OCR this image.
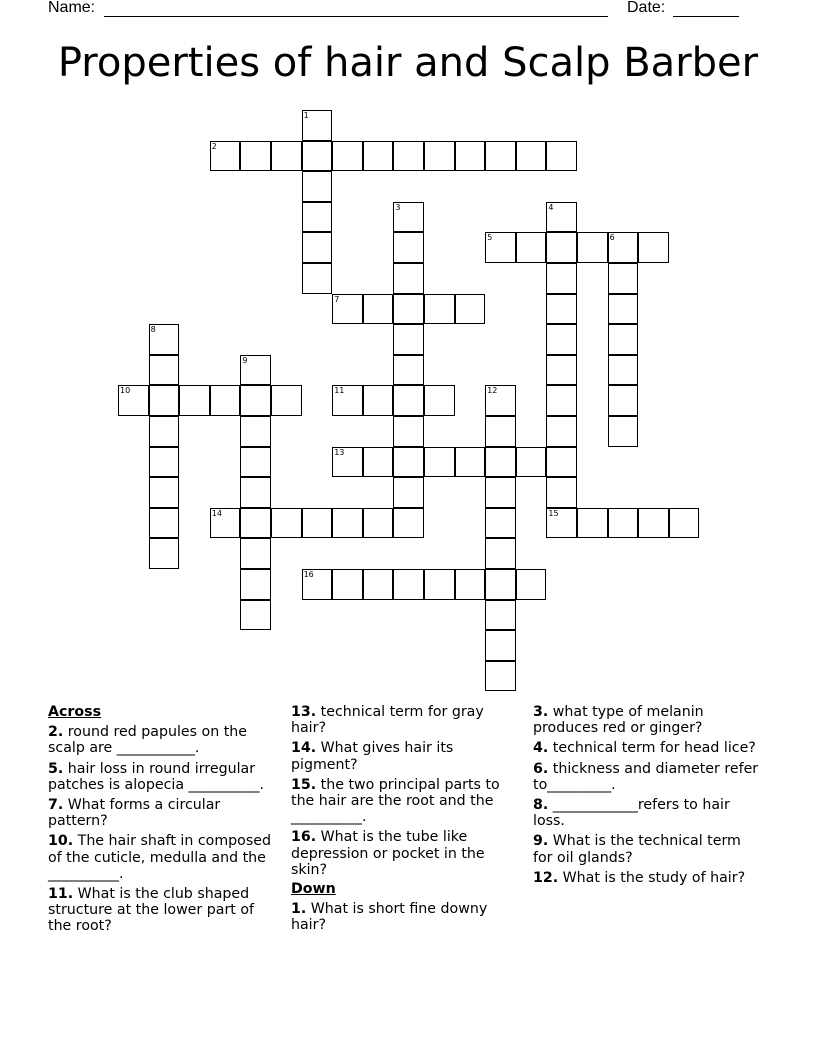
Name:	Date:
Properties of hair and Scalp Barber
1
2
3	4
15
5	6
7
8
9
10	11	12
13
14
16
Across
2. round red papules on the scalp are ___________.
5. hair loss in round irregular patches is alopecia __________.
7. What forms a circular pattern?
10. The hair shaft in composed of the cuticle, medulla and the __________.
11. What is the club shaped structure at the lower part of the root?
13. technical term for gray hair?
14. What gives hair its pigment?
15. the two principal parts to the hair are the root and the __________.
16. What is the tube like depression or pocket in the skin?
Down
1. What is short fine downy hair?
3. what type of melanin produces red or ginger?
4. technical term for head lice?
6. thickness and diameter refer to_________.
8. ____________refers to hair loss.
9. What is the technical term for oil glands?
12. What is the study of hair?
